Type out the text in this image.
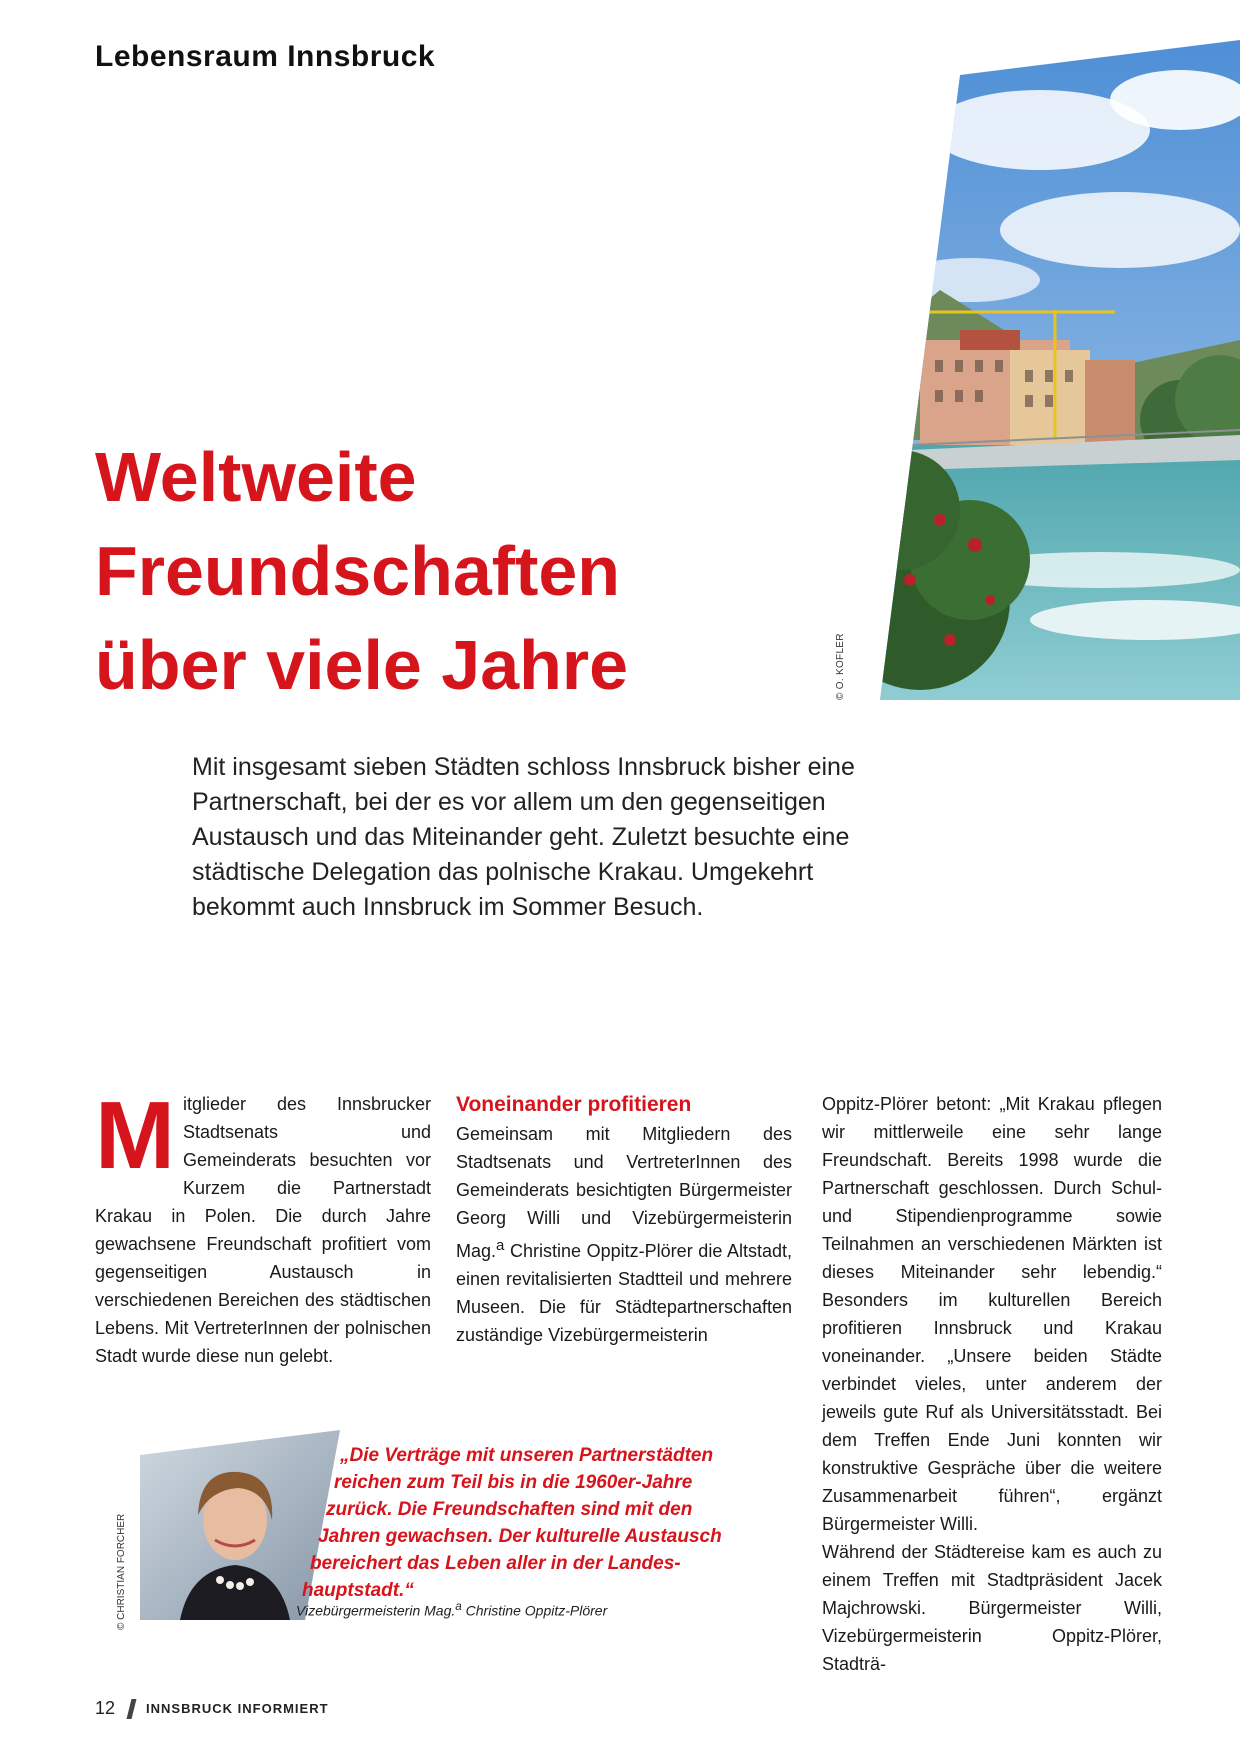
Lebensraum Innsbruck
© O. KOFLER
Weltweite
Freundschaften
über viele Jahre

Mit insgesamt sieben Städten schloss Innsbruck bisher eine Partnerschaft, bei der es vor allem um den gegenseitigen Austausch und das Miteinander geht. Zuletzt besuchte eine städtische Delegation das polnische Krakau. Umgekehrt bekommt auch Innsbruck im Sommer Besuch.

M itglieder des Innsbrucker Stadtsenats und Gemeinderats besuchten vor Kurzem die Partnerstadt Krakau in Polen. Die durch Jahre gewachsene Freundschaft profitiert vom gegenseitigen Austausch in verschiedenen Bereichen des städtischen Lebens. Mit VertreterInnen der polnischen Stadt wurde diese nun gelebt.
Voneinander profitieren

Gemeinsam mit Mitgliedern des Stadtsenats und VertreterInnen des Gemeinderats besichtigten Bürgermeister Georg Willi und Vizebürgermeisterin Mag.$^a$ Christine Oppitz-Plörer die Altstadt, einen revitalisierten Stadtteil und mehrere Museen. Die für Städtepartnerschaften zuständige Vizebürgermeisterin

Oppitz-Plörer betont: „Mit Krakau pflegen wir mittlerweile eine sehr lange Freundschaft. Bereits 1998 wurde die Partnerschaft geschlossen. Durch Schul- und Stipendienprogramme sowie Teilnahmen an verschiedenen Märkten ist dieses Miteinander sehr lebendig.“ Besonders im kulturellen Bereich profitieren Innsbruck und Krakau voneinander. „Unsere beiden Städte verbindet vieles, unter anderem der jeweils gute Ruf als Universitätsstadt. Bei dem Treffen Ende Juni konnten wir konstruktive Gespräche über die weitere Zusammenarbeit führen“, ergänzt Bürgermeister Willi.

Während der Städtereise kam es auch zu einem Treffen mit Stadtpräsident Jacek Majchrowski. Bürgermeister Willi, Vizebürgermeisterin Oppitz-Plörer, Stadträ-

© CHRISTIAN FORCHER
„Die Verträge mit unseren Partnerstädten
reichen zum Teil bis in die 1960er-Jahre
zurück. Die Freundschaften sind mit den
Jahren gewachsen. Der kulturelle Austausch
bereichert das Leben aller in der Landes-
hauptstadt.“
Vizebürgermeisterin Mag.$^a$ Christine Oppitz-Plörer
12 INNSBRUCK INFORMIERT
